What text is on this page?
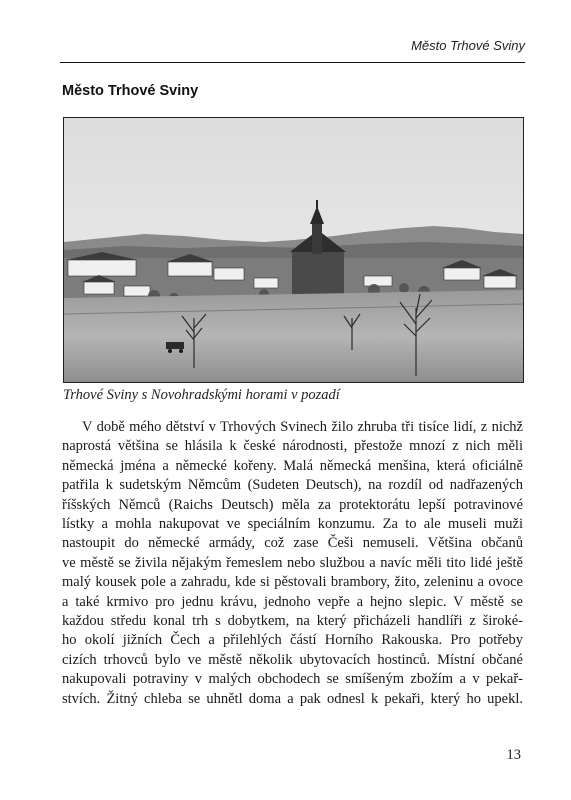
Město Trhové Sviny
Město Trhové Sviny
Trhové Sviny s Novohradskými horami v pozadí
V době mého dětství v Trhových Svinech žilo zhruba tři tisíce lidí, z nichž
naprostá většina se hlásila k české národnosti, přestože mnozí z nich měli
německá jména a německé kořeny. Malá německá menšina, která oficiálně
patřila k sudetským Němcům (Sudeten Deutsch), na rozdíl od nadřazených
říšských Němců (Raichs Deutsch) měla za protektorátu lepší potravinové
lístky a mohla nakupovat ve speciálním konzumu. Za to ale museli muži
nastoupit do německé armády, což zase Češi nemuseli. Většina občanů
ve městě se živila nějakým řemeslem nebo službou a navíc měli tito lidé ještě
malý kousek pole a zahradu, kde si pěstovali brambory, žito, zeleninu a ovoce
a také krmivo pro jednu krávu, jednoho vepře a hejno slepic. V městě se
každou středu konal trh s dobytkem, na který přicházeli handlíři z široké-
ho okolí jižních Čech a přilehlých částí Horního Rakouska. Pro potřeby
cizích trhovců bylo ve městě několik ubytovacích hostinců. Místní občané
nakupovali potraviny v malých obchodech se smíšeným zbožím a v pekař-
stvích. Žitný chleba se uhnětl doma a pak odnesl k pekaři, který ho upekl.
13
